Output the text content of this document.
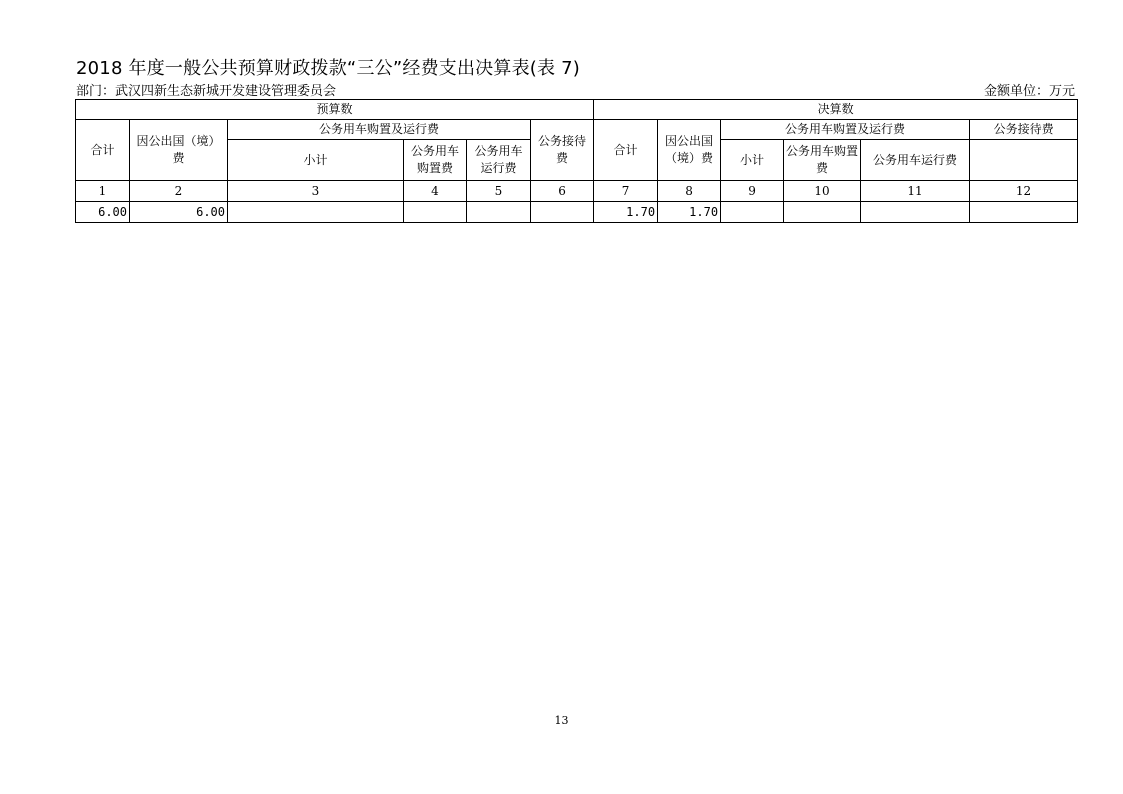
2018 年度一般公共预算财政拨款“三公”经费支出决算表(表 7)
部门：武汉四新生态新城开发建设管理委员会	金额单位：万元
预算数						决算数					
合计	因公出国（境）费	公务用车购置及运行费			公务接待费	合计	因公出国（境）费	公务用车购置及运行费			公务接待费
		小计	公务用车购置费	公务用车运行费				小计	公务用车购置费	公务用车运行费	
1	2	3	4	5	6	7	8	9	10	11	12
6.00	6.00					1.70	1.70				
13
